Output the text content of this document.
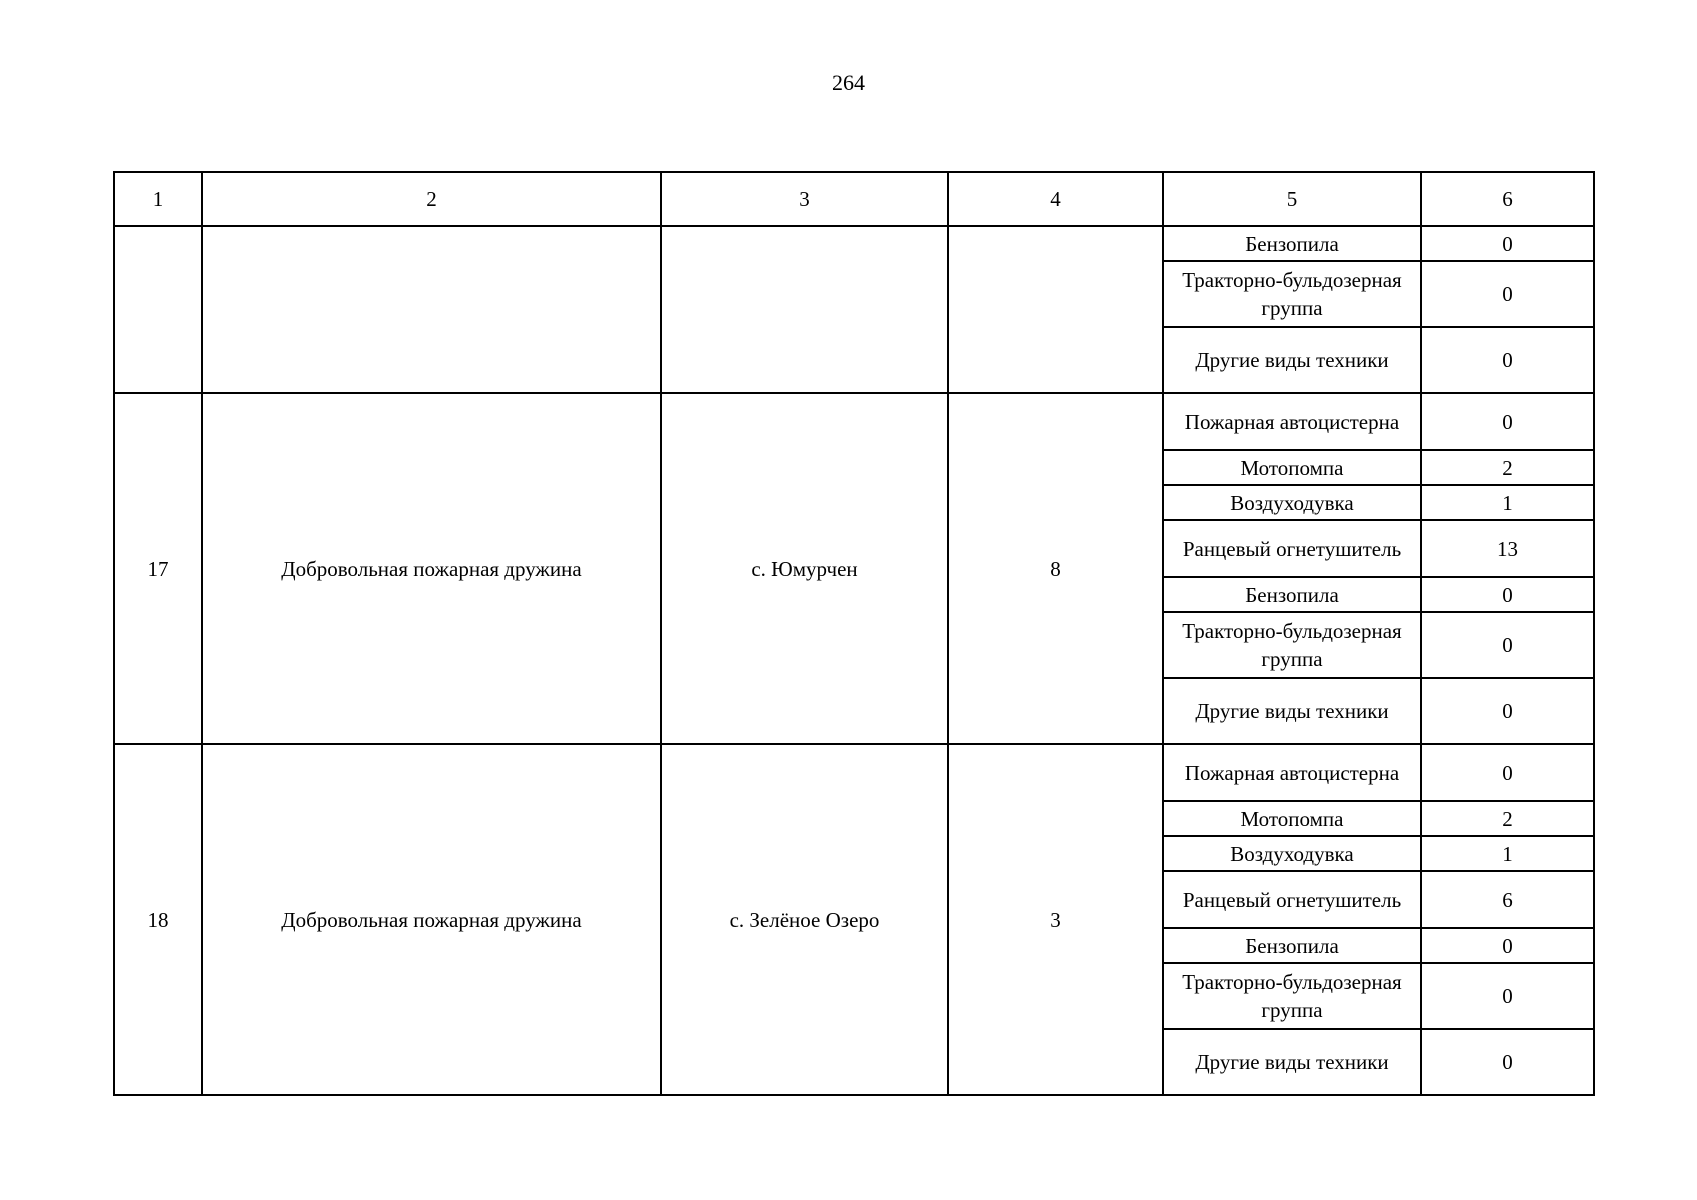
264
1	2	3	4	5	6
				Бензопила	0
				Тракторно-бульдозерная группа	0
				Другие виды техники	0
17	Добровольная пожарная дружина	с. Юмурчен	8	Пожарная автоцистерна	0
				Мотопомпа	2
				Воздуходувка	1
				Ранцевый огнетушитель	13
				Бензопила	0
				Тракторно-бульдозерная группа	0
				Другие виды техники	0
18	Добровольная пожарная дружина	с. Зелёное Озеро	3	Пожарная автоцистерна	0
				Мотопомпа	2
				Воздуходувка	1
				Ранцевый огнетушитель	6
				Бензопила	0
				Тракторно-бульдозерная группа	0
				Другие виды техники	0
